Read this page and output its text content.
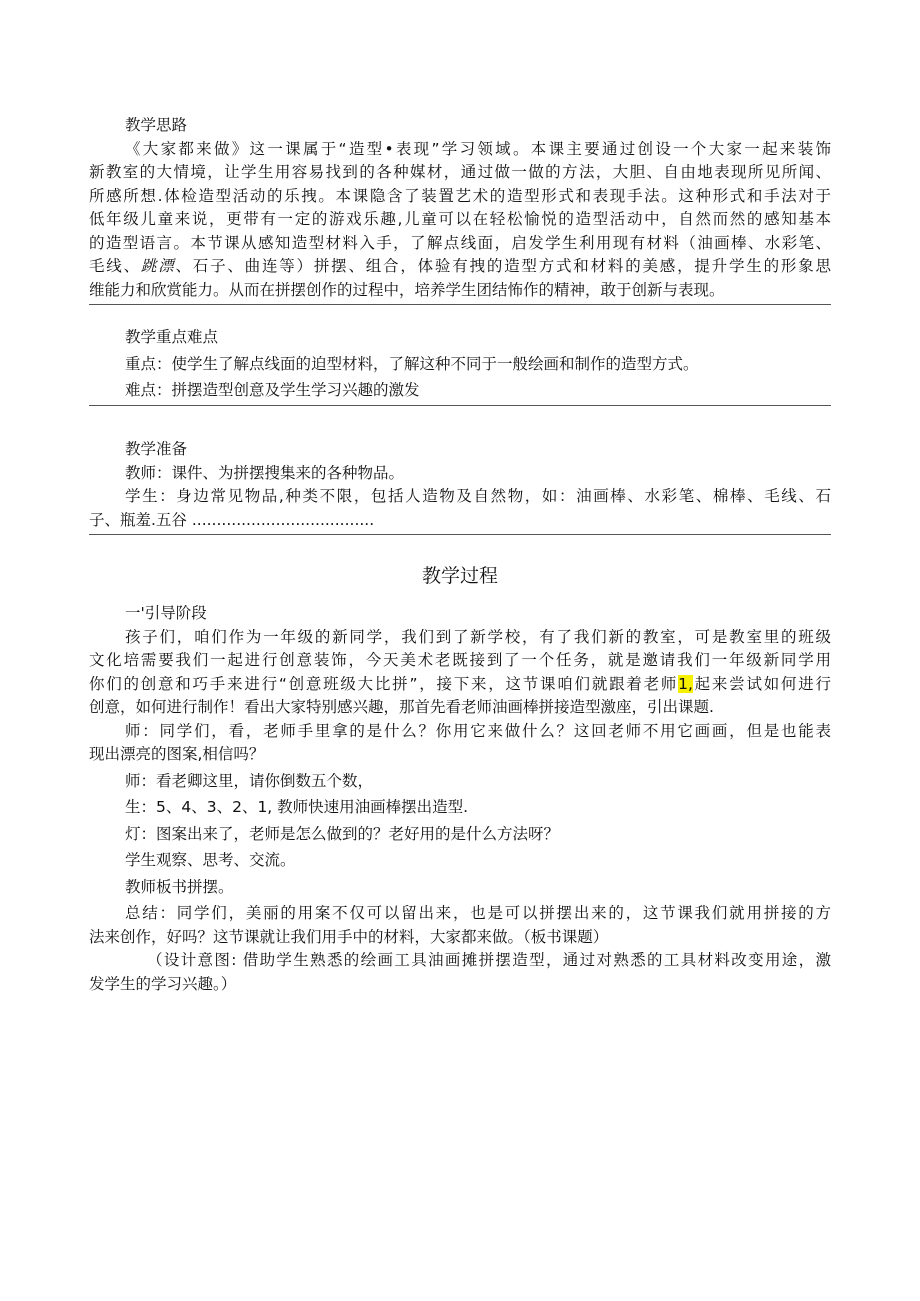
教学思路
《大家都来做》这一课属于“造型•表现”学习领域。本课主要通过创设一个大家一起来装饰
新教室的大情境，让学生用容易找到的各种媒材，通过做一做的方法，大胆、自由地表现所见所闻、
所感所想.体检造型活动的乐拽。本课隐含了装置艺术的造型形式和表现手法。这种形式和手法对于
低年级儿童来说，更带有一定的游戏乐趣,儿童可以在轻松愉悦的造型活动中，自然而然的感知基本
的造型语言。本节课从感知造型材料入手，了解点线面，启发学生利用现有材料（油画棒、水彩笔、
毛线、跳漂、石子、曲连等）拼摆、组合，体验有拽的造型方式和材料的美感，提升学生的形象思
维能力和欣赏能力。从而在拼摆创作的过程中，培养学生团结怖作的精神，敢于创新与表现。
教学重点难点
重点：使学生了解点线面的迫型材料，了解这种不同于一般绘画和制作的造型方式。
难点：拼摆造型创意及学生学习兴趣的激发
教学准备
教师：课件、为拼摆搜集来的各种物品。
学生：身边常见物品,种类不限，包括人造物及自然物，如：油画棒、水彩笔、棉棒、毛线、石
子、瓶羞.五谷 .....................................
教学过程
一'引导阶段
孩子们，咱们作为一年级的新同学，我们到了新学校，有了我们新的教室，可是教室里的班级
文化培需要我们一起进行创意装饰，今天美术老既接到了一个任务，就是邀请我们一年级新同学用
你们的创意和巧手来进行“创意班级大比拼”，接下来，这节课咱们就跟着老师1,起来尝试如何进行
创意，如何进行制作！看出大家特别感兴趣，那首先看老师油画棒拼接造型激座，引出课题.
师：同学们，看，老师手里拿的是什么？你用它来做什么？这回老师不用它画画，但是也能表
现出漂亮的图案,相信吗？
师：看老卿这里，请你倒数五个数，
生：5、4、3、2、1, 教师快速用油画棒摆出造型.
灯：图案出来了，老师是怎么做到的？老好用的是什么方法呀？
学生观察、思考、交流。
教师板书拼摆。
总结：同学们，美丽的用案不仅可以留出来，也是可以拼摆出来的，这节课我们就用拼接的方
法来创作，好吗？这节课就让我们用手中的材料，大家都来做。（板书课题）
（设计意图: 借助学生熟悉的绘画工具油画摊拼摆造型，通过对熟悉的工具材料改变用途，激
发学生的学习兴趣。）
